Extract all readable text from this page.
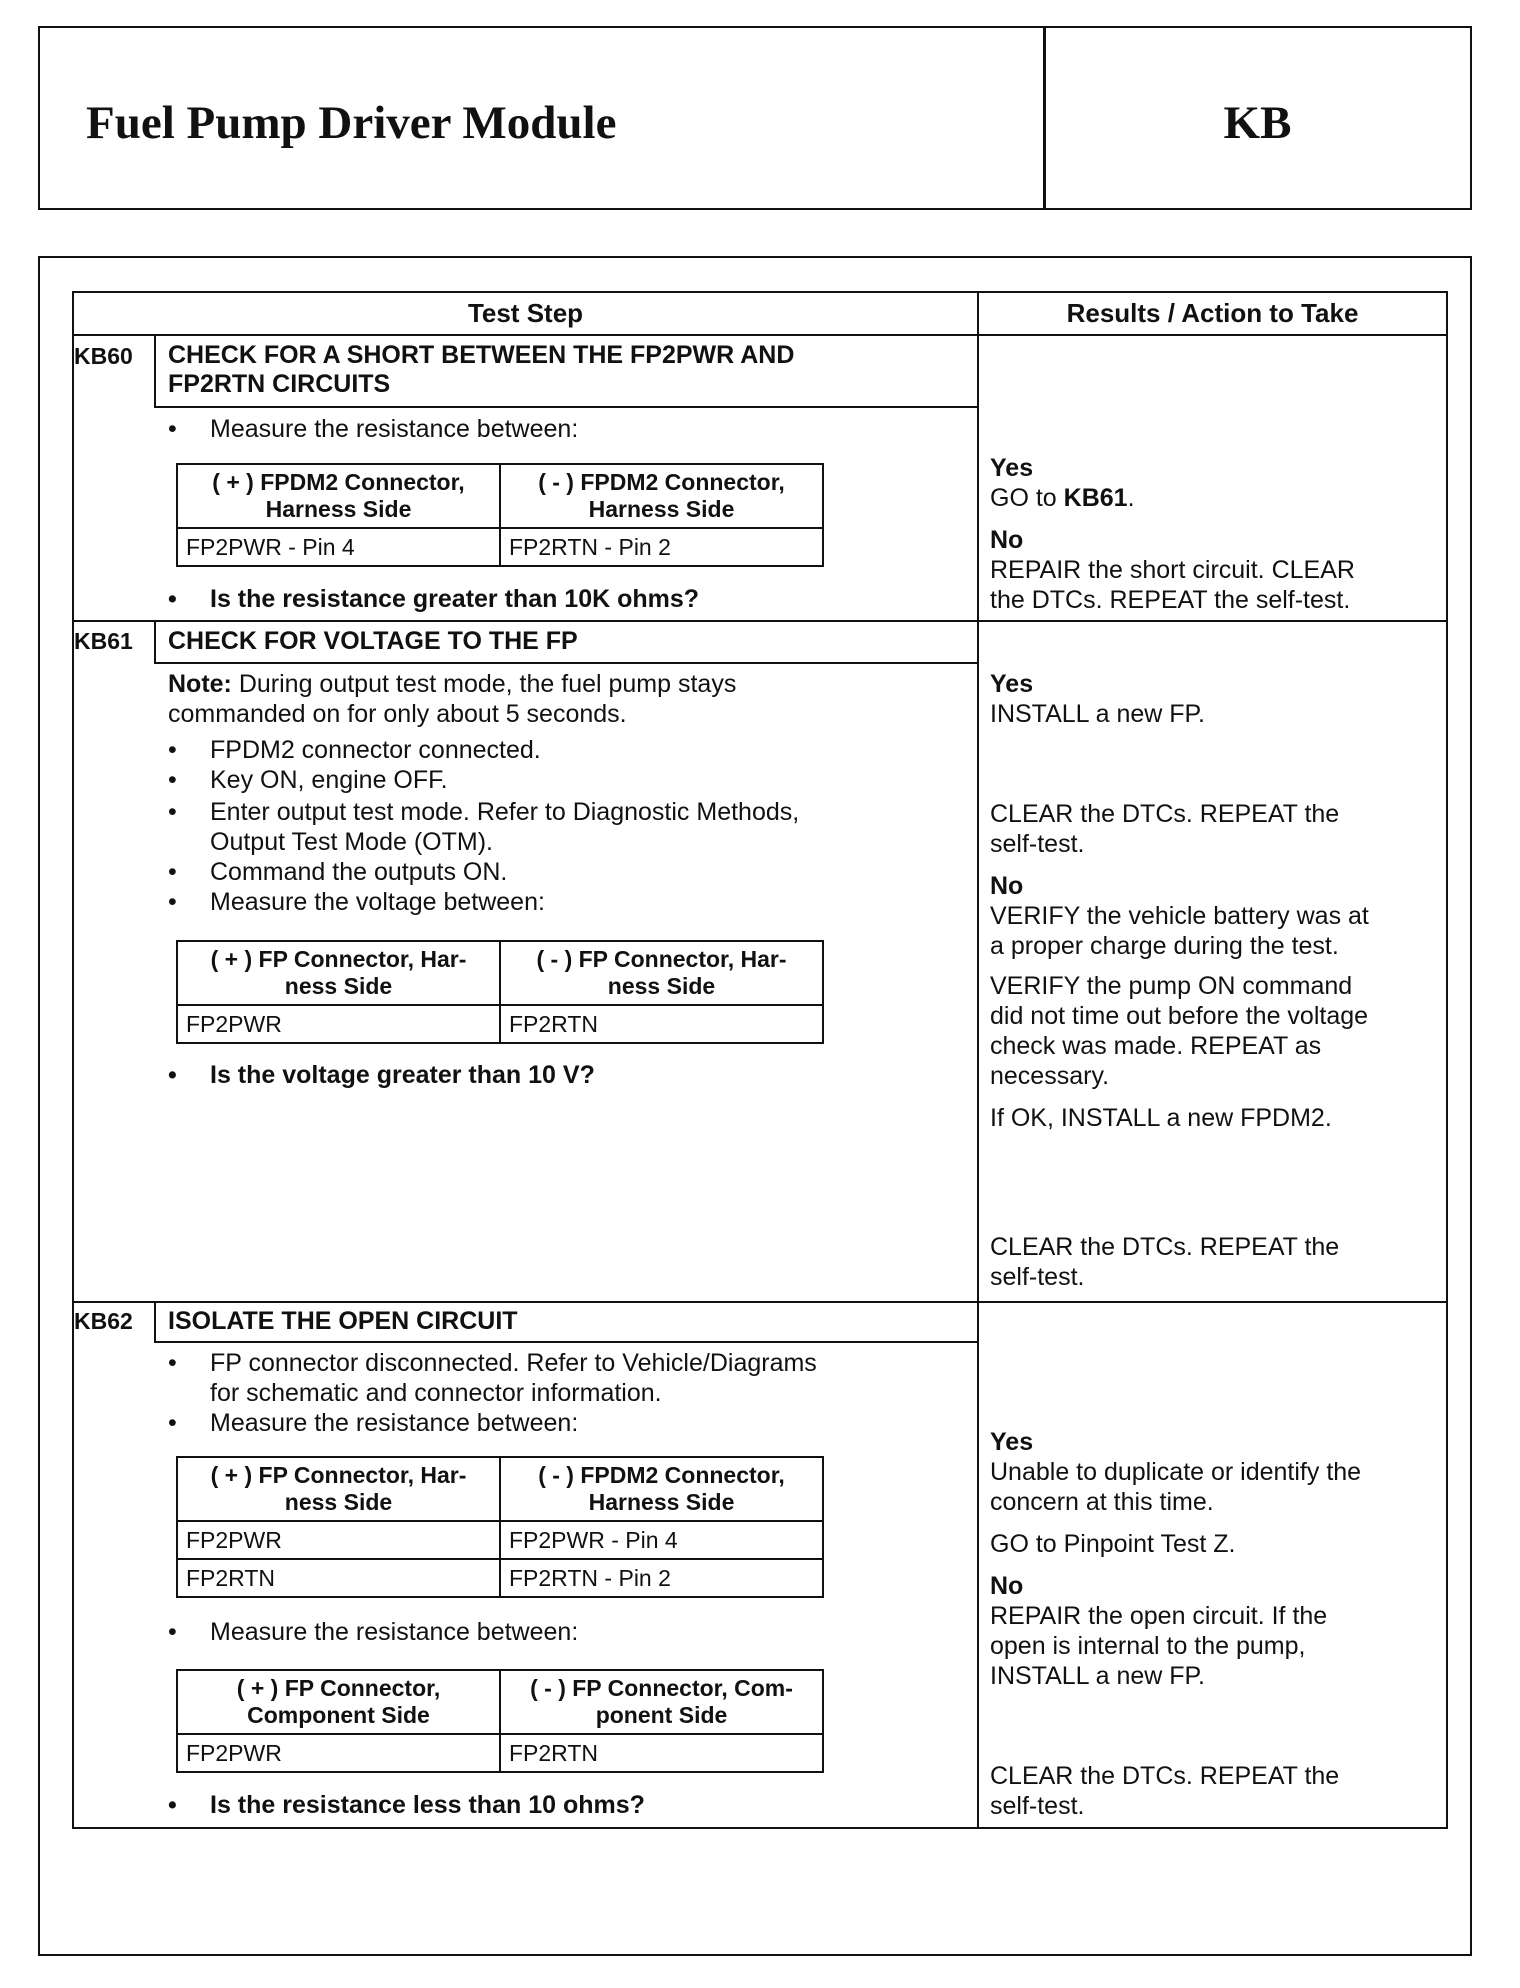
Fuel Pump Driver Module	KB
Test Step	Results / Action to Take
KB60	CHECK FOR A SHORT BETWEEN THE FP2PWR AND
FP2RTN CIRCUITS
• Measure the resistance between:
( + ) FPDM2 Connector,
Harness Side	( - ) FPDM2 Connector,
Harness Side
FP2PWR - Pin 4	FP2RTN - Pin 2
• Is the resistance greater than 10K ohms?
Yes
GO to KB61.
No
REPAIR the short circuit. CLEAR
the DTCs. REPEAT the self-test.
KB61	CHECK FOR VOLTAGE TO THE FP
Note: During output test mode, the fuel pump stays
commanded on for only about 5 seconds.
• FPDM2 connector connected.
• Key ON, engine OFF.
• Enter output test mode. Refer to Diagnostic Methods,
Output Test Mode (OTM).
• Command the outputs ON.
• Measure the voltage between:
( + ) FP Connector, Har-
ness Side	( - ) FP Connector, Har-
ness Side
FP2PWR	FP2RTN
• Is the voltage greater than 10 V?
Yes
INSTALL a new FP.
CLEAR the DTCs. REPEAT the
self-test.
No
VERIFY the vehicle battery was at
a proper charge during the test.
VERIFY the pump ON command
did not time out before the voltage
check was made. REPEAT as
necessary.
If OK, INSTALL a new FPDM2.
CLEAR the DTCs. REPEAT the
self-test.
KB62	ISOLATE THE OPEN CIRCUIT
• FP connector disconnected. Refer to Vehicle/Diagrams
for schematic and connector information.
• Measure the resistance between:
( + ) FP Connector, Har-
ness Side	( - ) FPDM2 Connector,
Harness Side
FP2PWR	FP2PWR - Pin 4
FP2RTN	FP2RTN - Pin 2
• Measure the resistance between:
( + ) FP Connector,
Component Side	( - ) FP Connector, Com-
ponent Side
FP2PWR	FP2RTN
• Is the resistance less than 10 ohms?
Yes
Unable to duplicate or identify the
concern at this time.
GO to Pinpoint Test Z.
No
REPAIR the open circuit. If the
open is internal to the pump,
INSTALL a new FP.
CLEAR the DTCs. REPEAT the
self-test.
